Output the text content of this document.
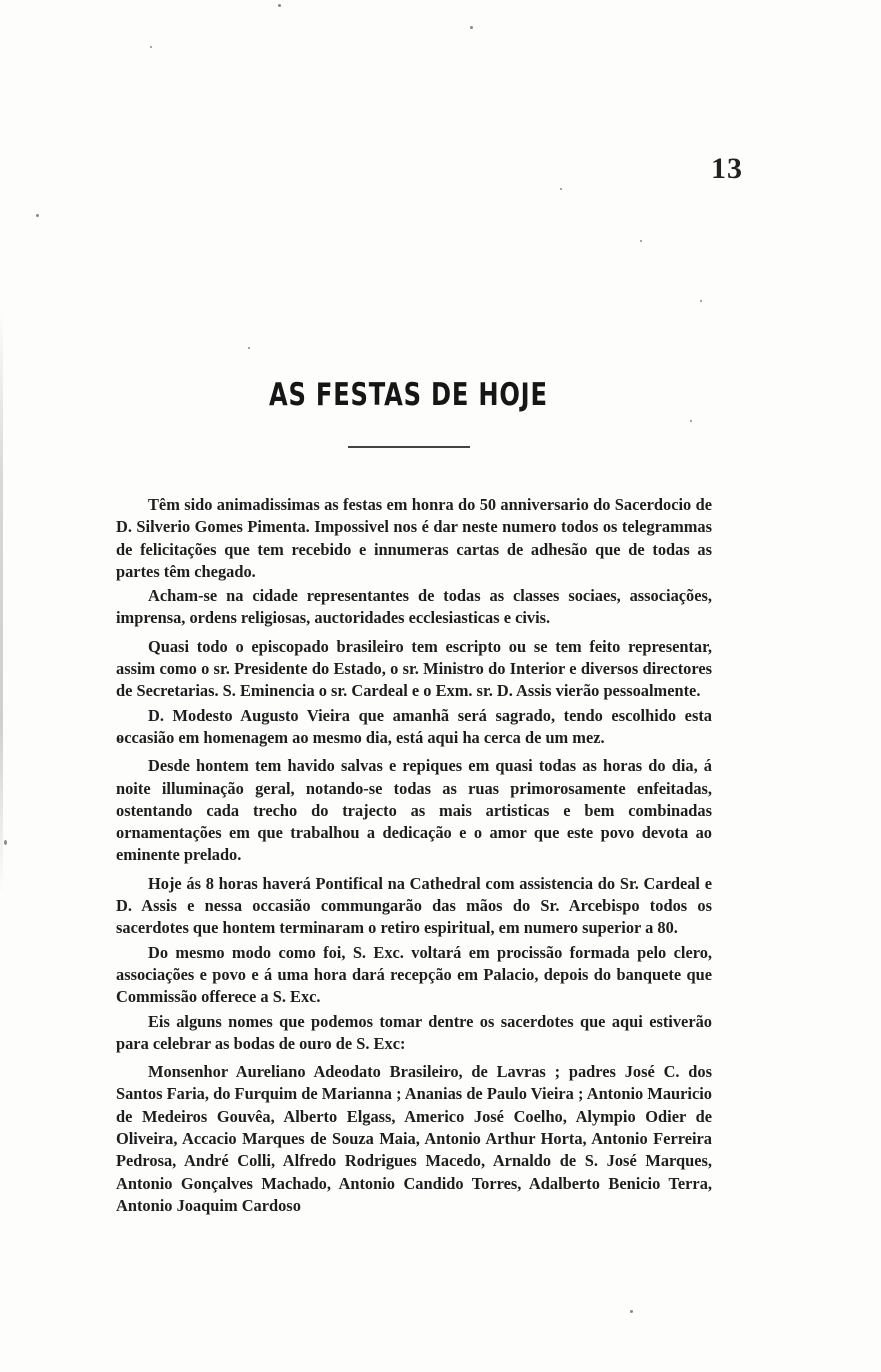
13
AS FESTAS DE HOJE

Têm sido animadissimas as festas em honra do 50 anniversario do Sacerdocio de D. Silverio Gomes Pimenta. Impossivel nos é dar neste numero todos os telegrammas de felicitações que tem recebido e innumeras cartas de adhesão que de todas as partes têm chegado.

Acham-se na cidade representantes de todas as classes sociaes, associações, imprensa, ordens religiosas, auctoridades ecclesiasticas e civis.

Quasi todo o episcopado brasileiro tem escripto ou se tem feito representar, assim como o sr. Presidente do Estado, o sr. Ministro do Interior e diversos directores de Secretarias. S. Eminencia o sr. Cardeal e o Exm. sr. D. Assis vierão pessoalmente.

D. Modesto Augusto Vieira que amanhã será sagrado, tendo escolhido esta occasião em homenagem ao mesmo dia, está aqui ha cerca de um mez.

Desde hontem tem havido salvas e repiques em quasi todas as horas do dia, á noite illuminação geral, notando-se todas as ruas primorosamente enfeitadas, ostentando cada trecho do trajecto as mais artisticas e bem combinadas ornamentações em que trabalhou a dedicação e o amor que este povo devota ao eminente prelado.

Hoje ás 8 horas haverá Pontifical na Cathedral com assistencia do Sr. Cardeal e D. Assis e nessa occasião commungarão das mãos do Sr. Arcebispo todos os sacerdotes que hontem terminaram o retiro espiritual, em numero superior a 80.

Do mesmo modo como foi, S. Exc. voltará em procissão formada pelo clero, associações e povo e á uma hora dará recepção em Palacio, depois do banquete que Commissão offerece a S. Exc.

Eis alguns nomes que podemos tomar dentre os sacerdotes que aqui estiverão para celebrar as bodas de ouro de S. Exc:

Monsenhor Aureliano Adeodato Brasileiro, de Lavras ; padres José C. dos Santos Faria, do Furquim de Marianna ; Ananias de Paulo Vieira ; Antonio Mauricio de Medeiros Gouvêa, Alberto Elgass, Americo José Coelho, Alympio Odier de Oliveira, Accacio Marques de Souza Maia, Antonio Arthur Horta, Antonio Ferreira Pedrosa, André Colli, Alfredo Rodrigues Macedo, Arnaldo de S. José Marques, Antonio Gonçalves Machado, Antonio Candido Torres, Adalberto Benicio Terra, Antonio Joaquim Cardoso
